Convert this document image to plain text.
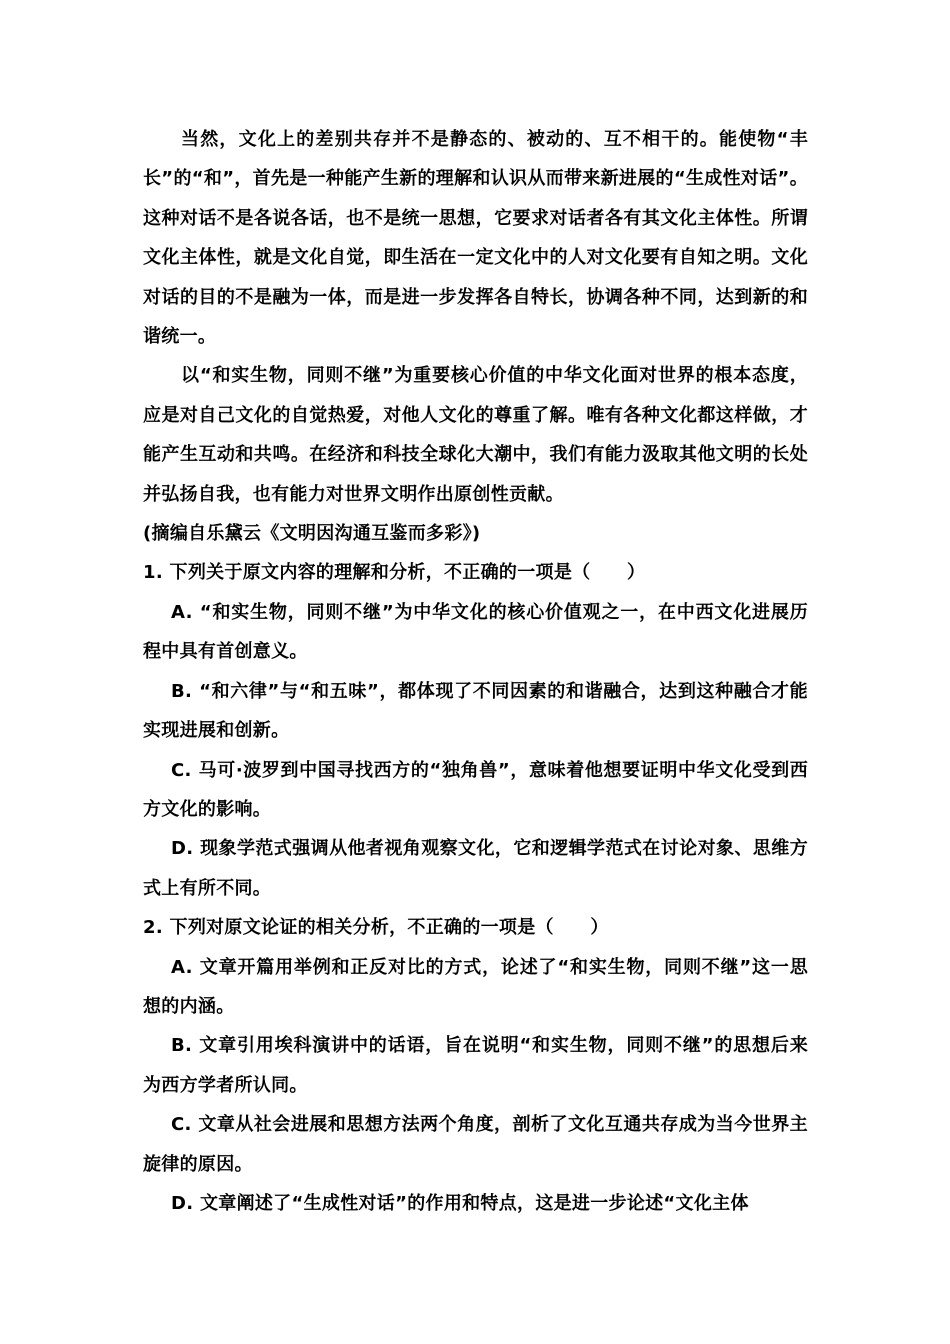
当然，文化上的差别共存并不是静态的、被动的、互不相干的。能使物“丰长”的“和”，首先是一种能产生新的理解和认识从而带来新进展的“生成性对话”。这种对话不是各说各话，也不是统一思想，它要求对话者各有其文化主体性。所谓文化主体性，就是文化自觉，即生活在一定文化中的人对文化要有自知之明。文化对话的目的不是融为一体，而是进一步发挥各自特长，协调各种不同，达到新的和谐统一。

以“和实生物，同则不继”为重要核心价值的中华文化面对世界的根本态度，应是对自己文化的自觉热爱，对他人文化的尊重了解。唯有各种文化都这样做，才能产生互动和共鸣。在经济和科技全球化大潮中，我们有能力汲取其他文明的长处并弘扬自我，也有能力对世界文明作出原创性贡献。

(摘编自乐黛云《文明因沟通互鉴而多彩》)

1. 下列关于原文内容的理解和分析，不正确的一项是（　　）

A. “和实生物，同则不继”为中华文化的核心价值观之一，在中西文化进展历程中具有首创意义。

B. “和六律”与“和五味”，都体现了不同因素的和谐融合，达到这种融合才能实现进展和创新。

C. 马可·波罗到中国寻找西方的“独角兽”，意味着他想要证明中华文化受到西方文化的影响。

D. 现象学范式强调从他者视角观察文化，它和逻辑学范式在讨论对象、思维方式上有所不同。

2. 下列对原文论证的相关分析，不正确的一项是（　　）

A. 文章开篇用举例和正反对比的方式，论述了“和实生物，同则不继”这一思想的内涵。

B. 文章引用埃科演讲中的话语，旨在说明“和实生物，同则不继”的思想后来为西方学者所认同。

C. 文章从社会进展和思想方法两个角度，剖析了文化互通共存成为当今世界主旋律的原因。

D. 文章阐述了“生成性对话”的作用和特点，这是进一步论述“文化主体
